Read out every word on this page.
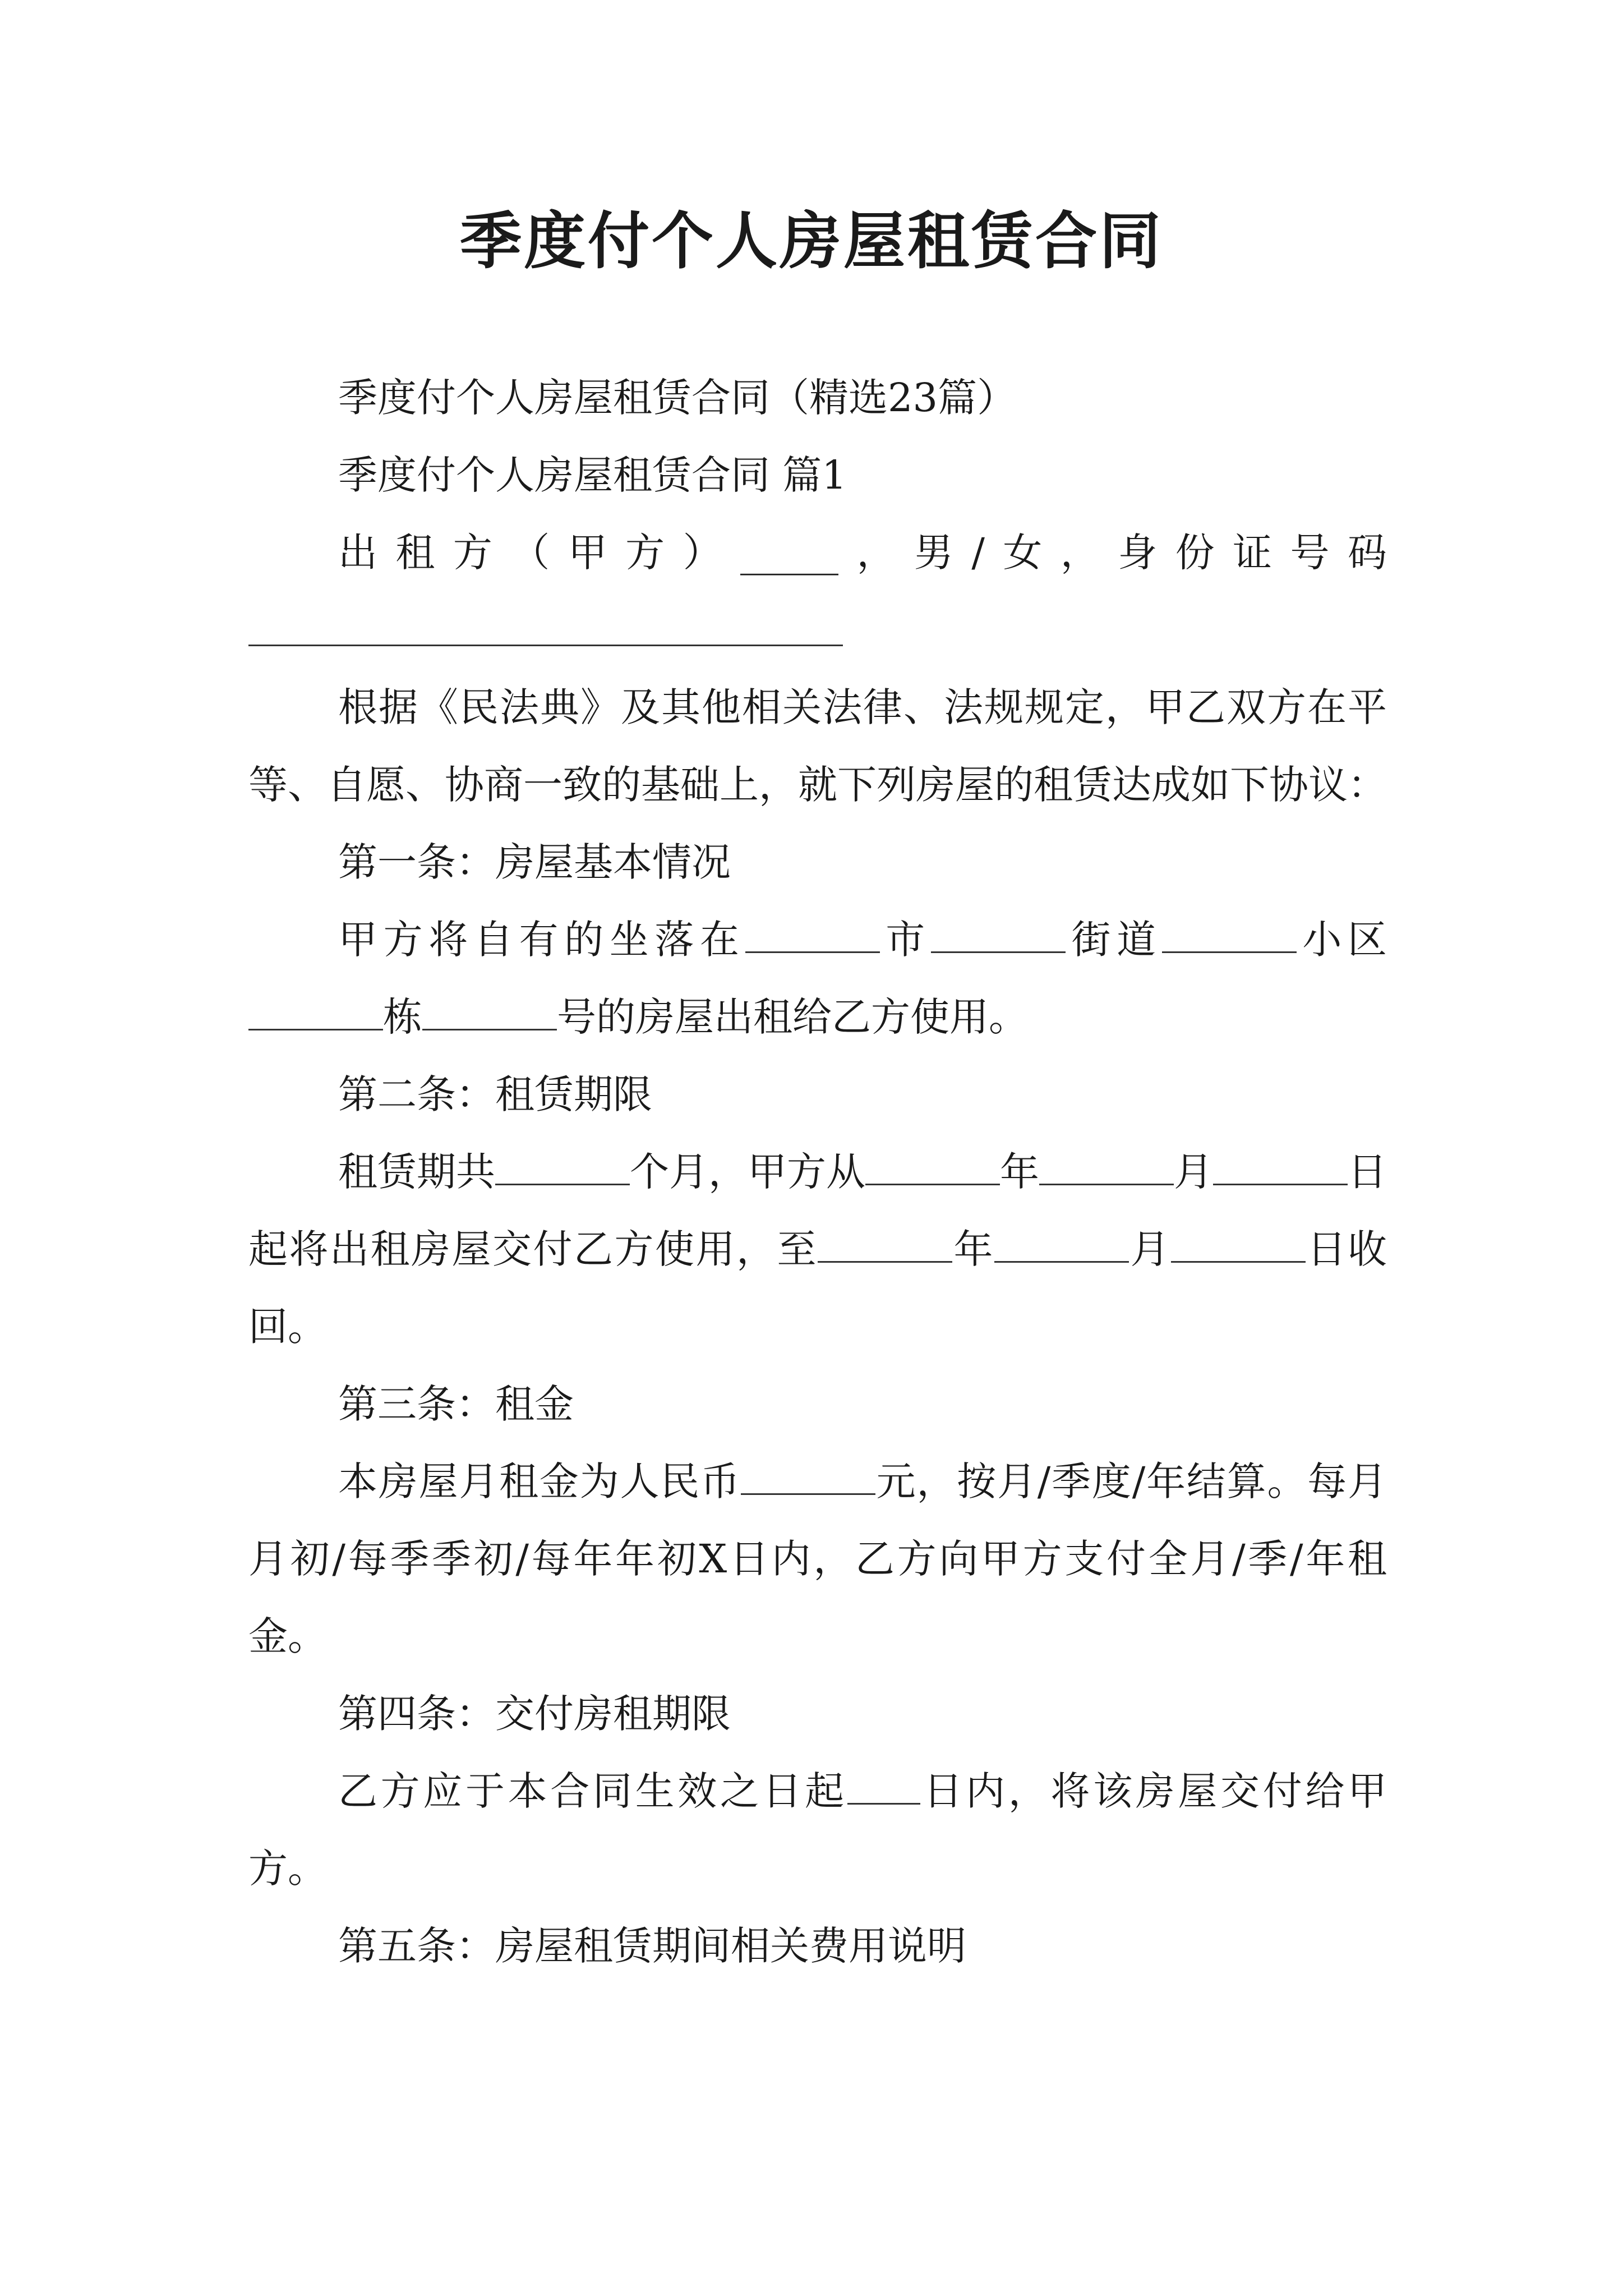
季度付个人房屋租赁合同

季度付个人房屋租赁合同（精选23篇）

季度付个人房屋租赁合同 篇1

出租方（甲方）_____，男/女，身份证号码

根据《民法典》及其他相关法律、法规规定，甲乙双方在平等、自愿、协商一致的基础上，就下列房屋的租赁达成如下协议：

第一条：房屋基本情况

甲方将自有的坐落在	市	街道	小区栋	号的房屋出租给乙方使用。

第二条：租赁期限

租赁期共	个月，甲方从	年	月	日起将出租房屋交付乙方使用，至	年	月	日收回。

第三条：租金

本房屋月租金为人民币	元，按月/季度/年结算。每月月初/每季季初/每年年初X日内，乙方向甲方支付全月/季/年租金。

第四条：交付房租期限

乙方应于本合同生效之日起 日内，将该房屋交付给甲方。

第五条：房屋租赁期间相关费用说明
